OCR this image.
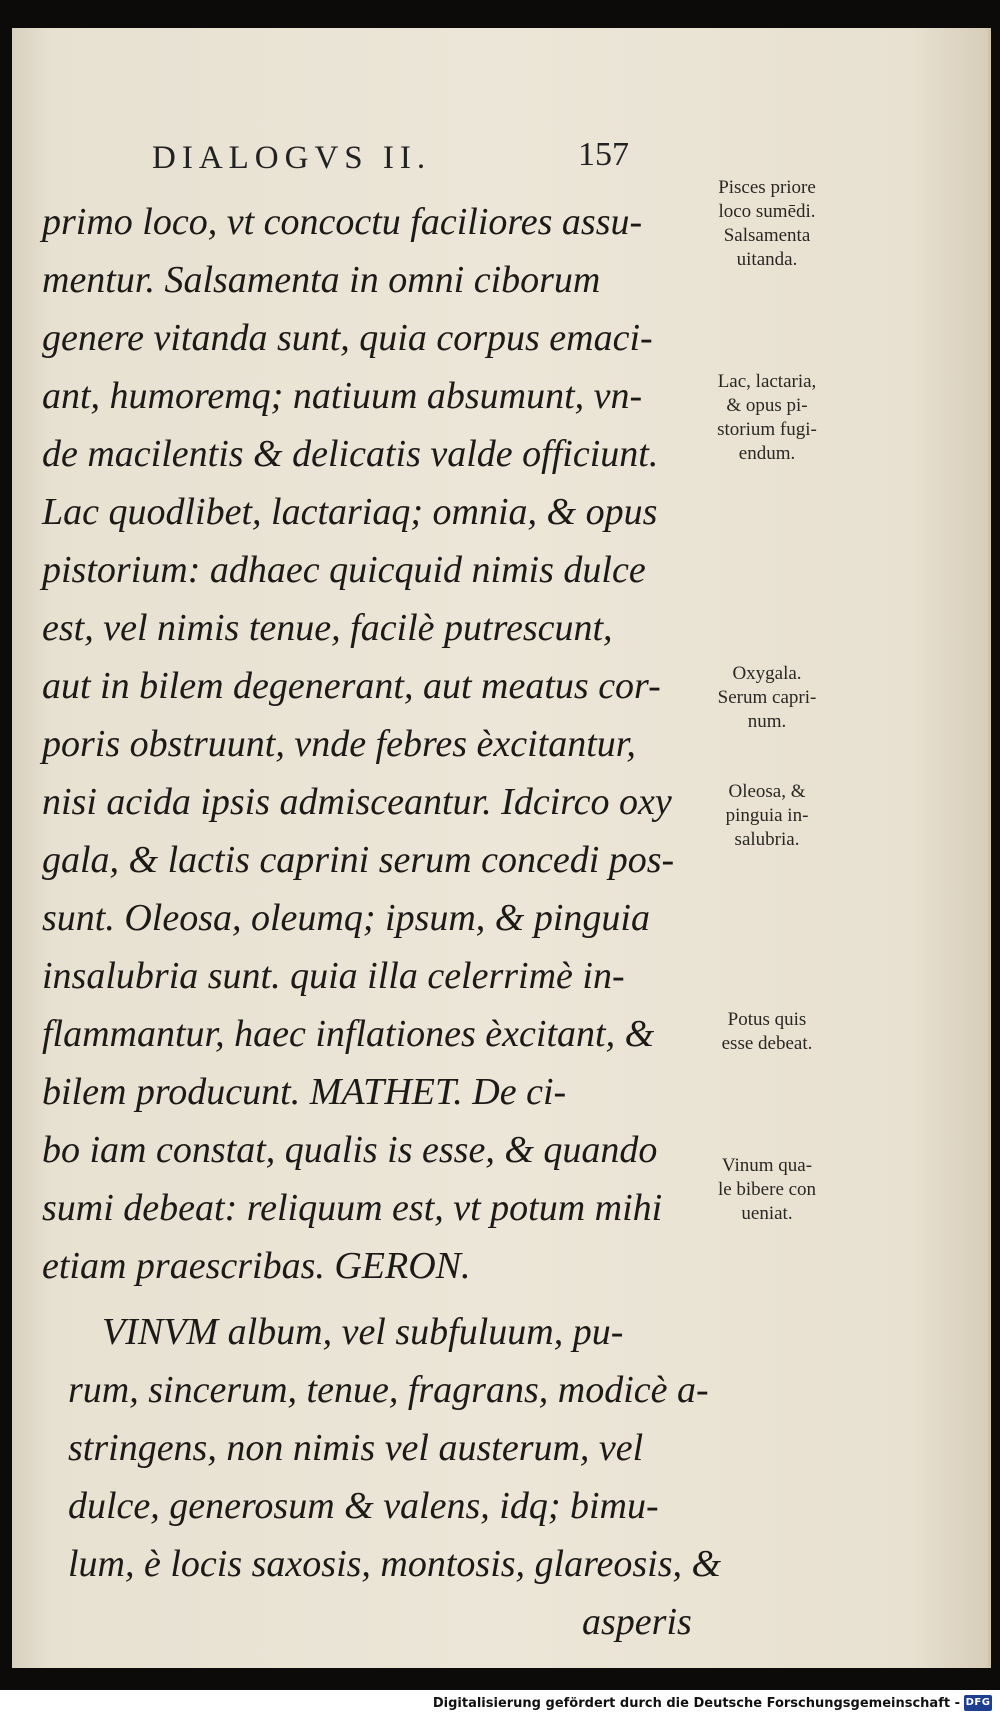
DIALOGVS II.	157
primo loco, vt concoctu faciliores assu-
mentur. Salsamenta in omni ciborum
genere vitanda sunt, quia corpus emaci-
ant, humoremq; natiuum absumunt, vn-
de macilentis & delicatis valde officiunt.
Lac quodlibet, lactariaq; omnia, & opus
pistorium: adhaec quicquid nimis dulce
est, vel nimis tenue, facilè putrescunt,
aut in bilem degenerant, aut meatus cor-
poris obstruunt, vnde febres èxcitantur,
nisi acida ipsis admisceantur. Idcirco oxy
gala, & lactis caprini serum concedi pos-
sunt. Oleosa, oleumq; ipsum, & pinguia
insalubria sunt. quia illa celerrimè in-
flammantur, haec inflationes èxcitant, &
bilem producunt. MATHET. De ci-
bo iam constat, qualis is esse, & quando
sumi debeat: reliquum est, vt potum mihi
etiam praescribas. GERON.
VINVM album, vel subfuluum, pu-
rum, sincerum, tenue, fragrans, modicè a-
stringens, non nimis vel austerum, vel
dulce, generosum & valens, idq; bimu-
lum, è locis saxosis, montosis, glareosis, &
asperis
Pisces priore
loco sumēdi.
Salsamenta
uitanda.
Lac, lactaria,
& opus pi-
storium fugi-
endum.
Oxygala.
Serum capri-
num.
Oleosa, &
pinguia in-
salubria.
Potus quis
esse debeat.
Vinum qua-
le bibere con
ueniat.
Digitalisierung gefördert durch die Deutsche Forschungsgemeinschaft - DFG
